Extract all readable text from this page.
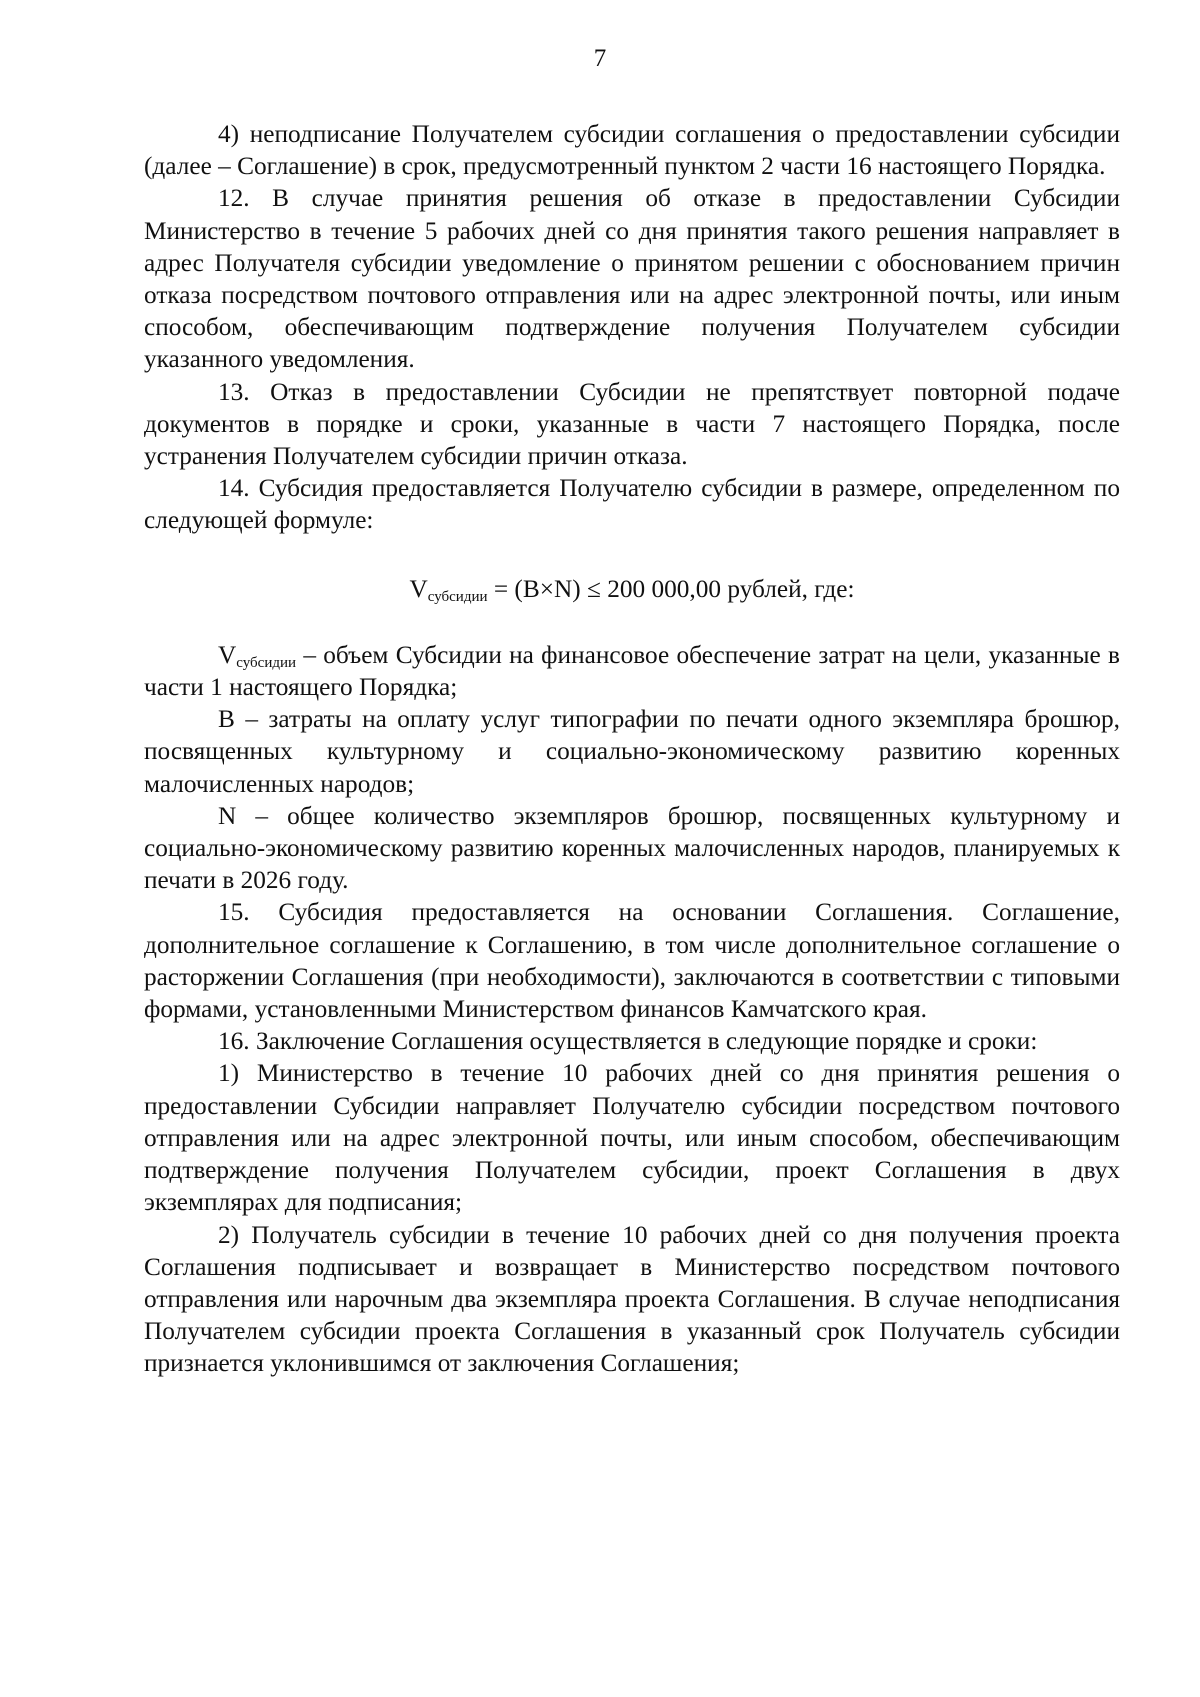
7

4) неподписание Получателем субсидии соглашения о предоставлении субсидии (далее – Соглашение) в срок, предусмотренный пунктом 2 части 16 настоящего Порядка.

12. В случае принятия решения об отказе в предоставлении Субсидии Министерство в течение 5 рабочих дней со дня принятия такого решения направляет в адрес Получателя субсидии уведомление о принятом решении с обоснованием причин отказа посредством почтового отправления или на адрес электронной почты, или иным способом, обеспечивающим подтверждение получения Получателем субсидии указанного уведомления.

13. Отказ в предоставлении Субсидии не препятствует повторной подаче документов в порядке и сроки, указанные в части 7 настоящего Порядка, после устранения Получателем субсидии причин отказа.

14. Субсидия предоставляется Получателю субсидии в размере, определенном по следующей формуле:

$V_{субсидии} = (B\times N) \le 200$ 000,00 рублей, где:

$V_{субсидии}$ – объем Субсидии на финансовое обеспечение затрат на цели, указанные в части 1 настоящего Порядка;

B – затраты на оплату услуг типографии по печати одного экземпляра брошюр, посвященных культурному и социально-экономическому развитию коренных малочисленных народов;

N – общее количество экземпляров брошюр, посвященных культурному и социально-экономическому развитию коренных малочисленных народов, планируемых к печати в 2026 году.

15. Субсидия предоставляется на основании Соглашения. Соглашение, дополнительное соглашение к Соглашению, в том числе дополнительное соглашение о расторжении Соглашения (при необходимости), заключаются в соответствии с типовыми формами, установленными Министерством финансов Камчатского края.

16. Заключение Соглашения осуществляется в следующие порядке и сроки:

1) Министерство в течение 10 рабочих дней со дня принятия решения о предоставлении Субсидии направляет Получателю субсидии посредством почтового отправления или на адрес электронной почты, или иным способом, обеспечивающим подтверждение получения Получателем субсидии, проект Соглашения в двух экземплярах для подписания;

2) Получатель субсидии в течение 10 рабочих дней со дня получения проекта Соглашения подписывает и возвращает в Министерство посредством почтового отправления или нарочным два экземпляра проекта Соглашения. В случае неподписания Получателем субсидии проекта Соглашения в указанный срок Получатель субсидии признается уклонившимся от заключения Соглашения;
